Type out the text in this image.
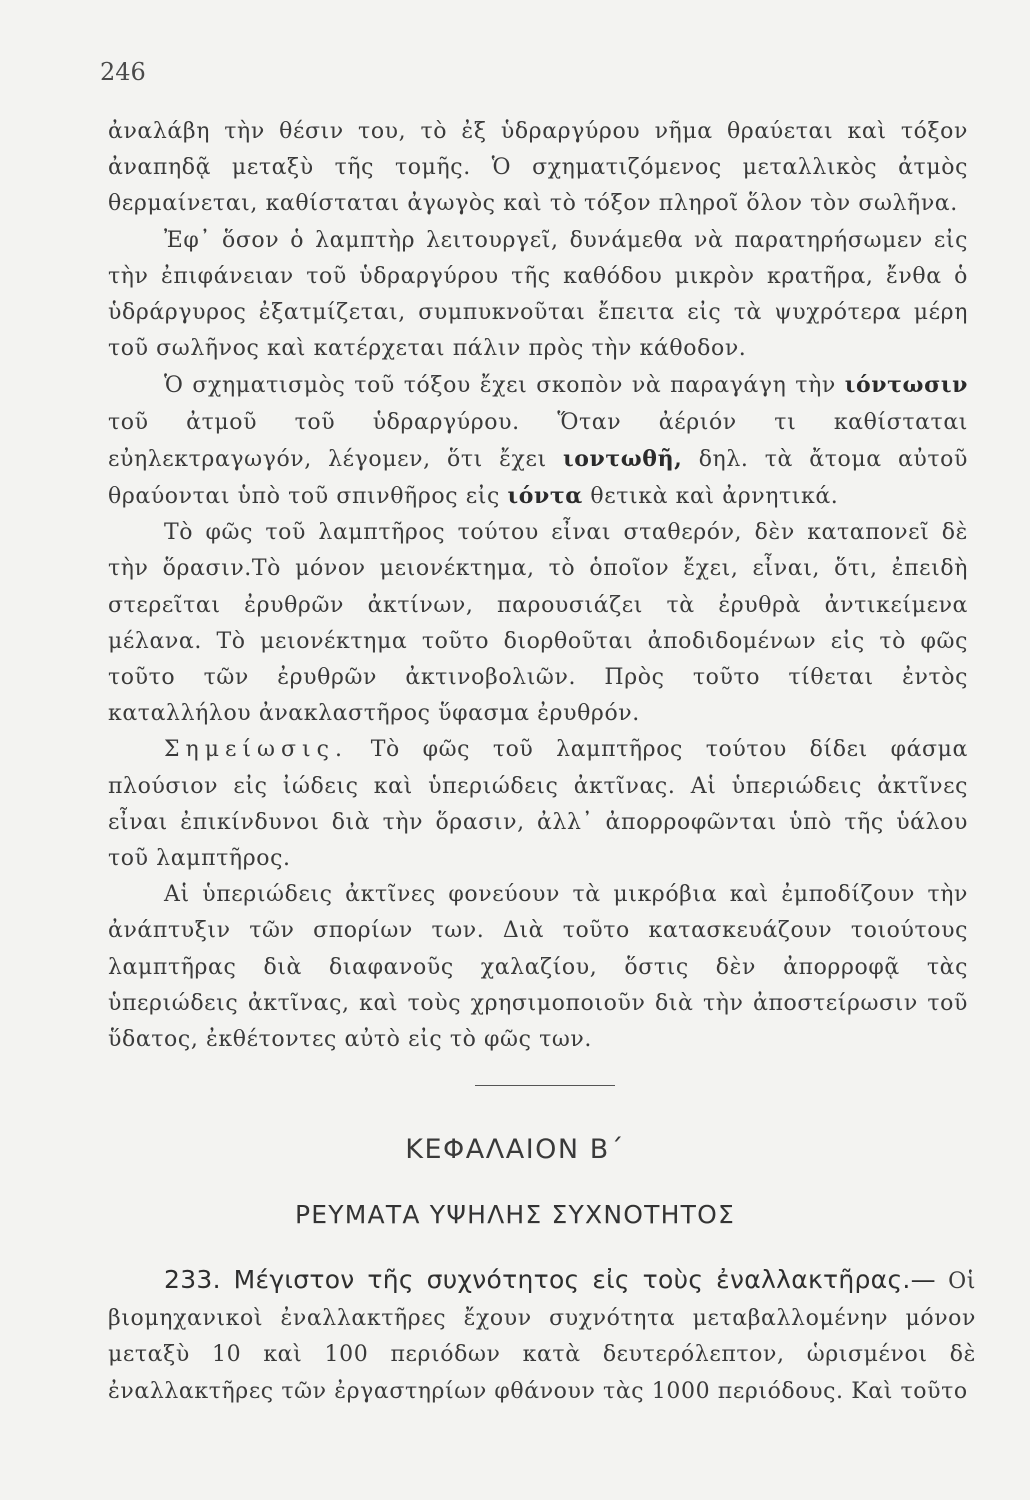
246

ἀναλάβη τὴν θέσιν του, τὸ ἐξ ὑδραργύρου νῆμα θραύεται καὶ τόξον ἀναπηδᾷ μεταξὺ τῆς τομῆς. Ὁ σχηματιζόμενος μεταλλικὸς ἀτμὸς θερμαίνεται, καθίσταται ἀγωγὸς καὶ τὸ τόξον πληροῖ ὅλον τὸν σωλῆνα.

Ἐφ᾽ ὅσον ὁ λαμπτὴρ λειτουργεῖ, δυνάμεθα νὰ παρατηρήσωμεν εἰς τὴν ἐπιφάνειαν τοῦ ὑδραργύρου τῆς καθόδου μικρὸν κρατῆρα, ἔνθα ὁ ὑδράργυρος ἐξατμίζεται, συμπυκνοῦται ἔπειτα εἰς τὰ ψυχρότερα μέρη τοῦ σωλῆνος καὶ κατέρχεται πάλιν πρὸς τὴν κάθοδον.

Ὁ σχηματισμὸς τοῦ τόξου ἔχει σκοπὸν νὰ παραγάγη τὴν ιόντωσιν τοῦ ἀτμοῦ τοῦ ὑδραργύρου. Ὅταν ἀέριόν τι καθίσταται εὐηλεκτραγωγόν, λέγομεν, ὅτι ἔχει ιοντωθῆ, δηλ. τὰ ἄτομα αὐτοῦ θραύονται ὑπὸ τοῦ σπινθῆρος εἰς ιόντα θετικὰ καὶ ἀρνητικά.

Τὸ φῶς τοῦ λαμπτῆρος τούτου εἶναι σταθερόν, δὲν καταπονεῖ δὲ τὴν ὅρασιν.Τὸ μόνον μειονέκτημα, τὸ ὁποῖον ἔχει, εἶναι, ὅτι, ἐπειδὴ στερεῖται ἐρυθρῶν ἀκτίνων, παρουσιάζει τὰ ἐρυθρὰ ἀντικείμενα μέλανα. Τὸ μειονέκτημα τοῦτο διορθοῦται ἀποδιδομένων εἰς τὸ φῶς τοῦτο τῶν ἐρυθρῶν ἀκτινοβολιῶν. Πρὸς τοῦτο τίθεται ἐντὸς καταλλήλου ἀνακλαστῆρος ὕφασμα ἐρυθρόν.

Σημείωσις. Τὸ φῶς τοῦ λαμπτῆρος τούτου δίδει φάσμα πλούσιον εἰς ἰώδεις καὶ ὑπεριώδεις ἀκτῖνας. Αἱ ὑπεριώδεις ἀκτῖνες εἶναι ἐπικίνδυνοι διὰ τὴν ὅρασιν, ἀλλ᾽ ἀπορροφῶνται ὑπὸ τῆς ὑάλου τοῦ λαμπτῆρος.

Αἱ ὑπεριώδεις ἀκτῖνες φονεύουν τὰ μικρόβια καὶ ἐμποδίζουν τὴν ἀνάπτυξιν τῶν σπορίων των. Διὰ τοῦτο κατασκευάζουν τοιούτους λαμπτῆρας διὰ διαφανοῦς χαλαζίου, ὅστις δὲν ἀπορροφᾷ τὰς ὑπεριώδεις ἀκτῖνας, καὶ τοὺς χρησιμοποιοῦν διὰ τὴν ἀποστείρωσιν τοῦ ὕδατος, ἐκθέτοντες αὐτὸ εἰς τὸ φῶς των.

ΚΕΦΑΛΑΙΟΝ Β΄
ΡΕΥΜΑΤΑ ΥΨΗΛΗΣ ΣΥΧΝΟΤΗΤΟΣ
233. Μέγιστον τῆς συχνότητος εἰς τοὺς ἐναλλακτῆρας.— Οἱ βιομηχανικοὶ ἐναλλακτῆρες ἔχουν συχνότητα μεταβαλλομένην μόνον μεταξὺ 10 καὶ 100 περιόδων κατὰ δευτερόλεπτον, ὡρισμένοι δὲ ἐναλλακτῆρες τῶν ἐργαστηρίων φθάνουν τὰς 1000 περιόδους. Καὶ τοῦτο
